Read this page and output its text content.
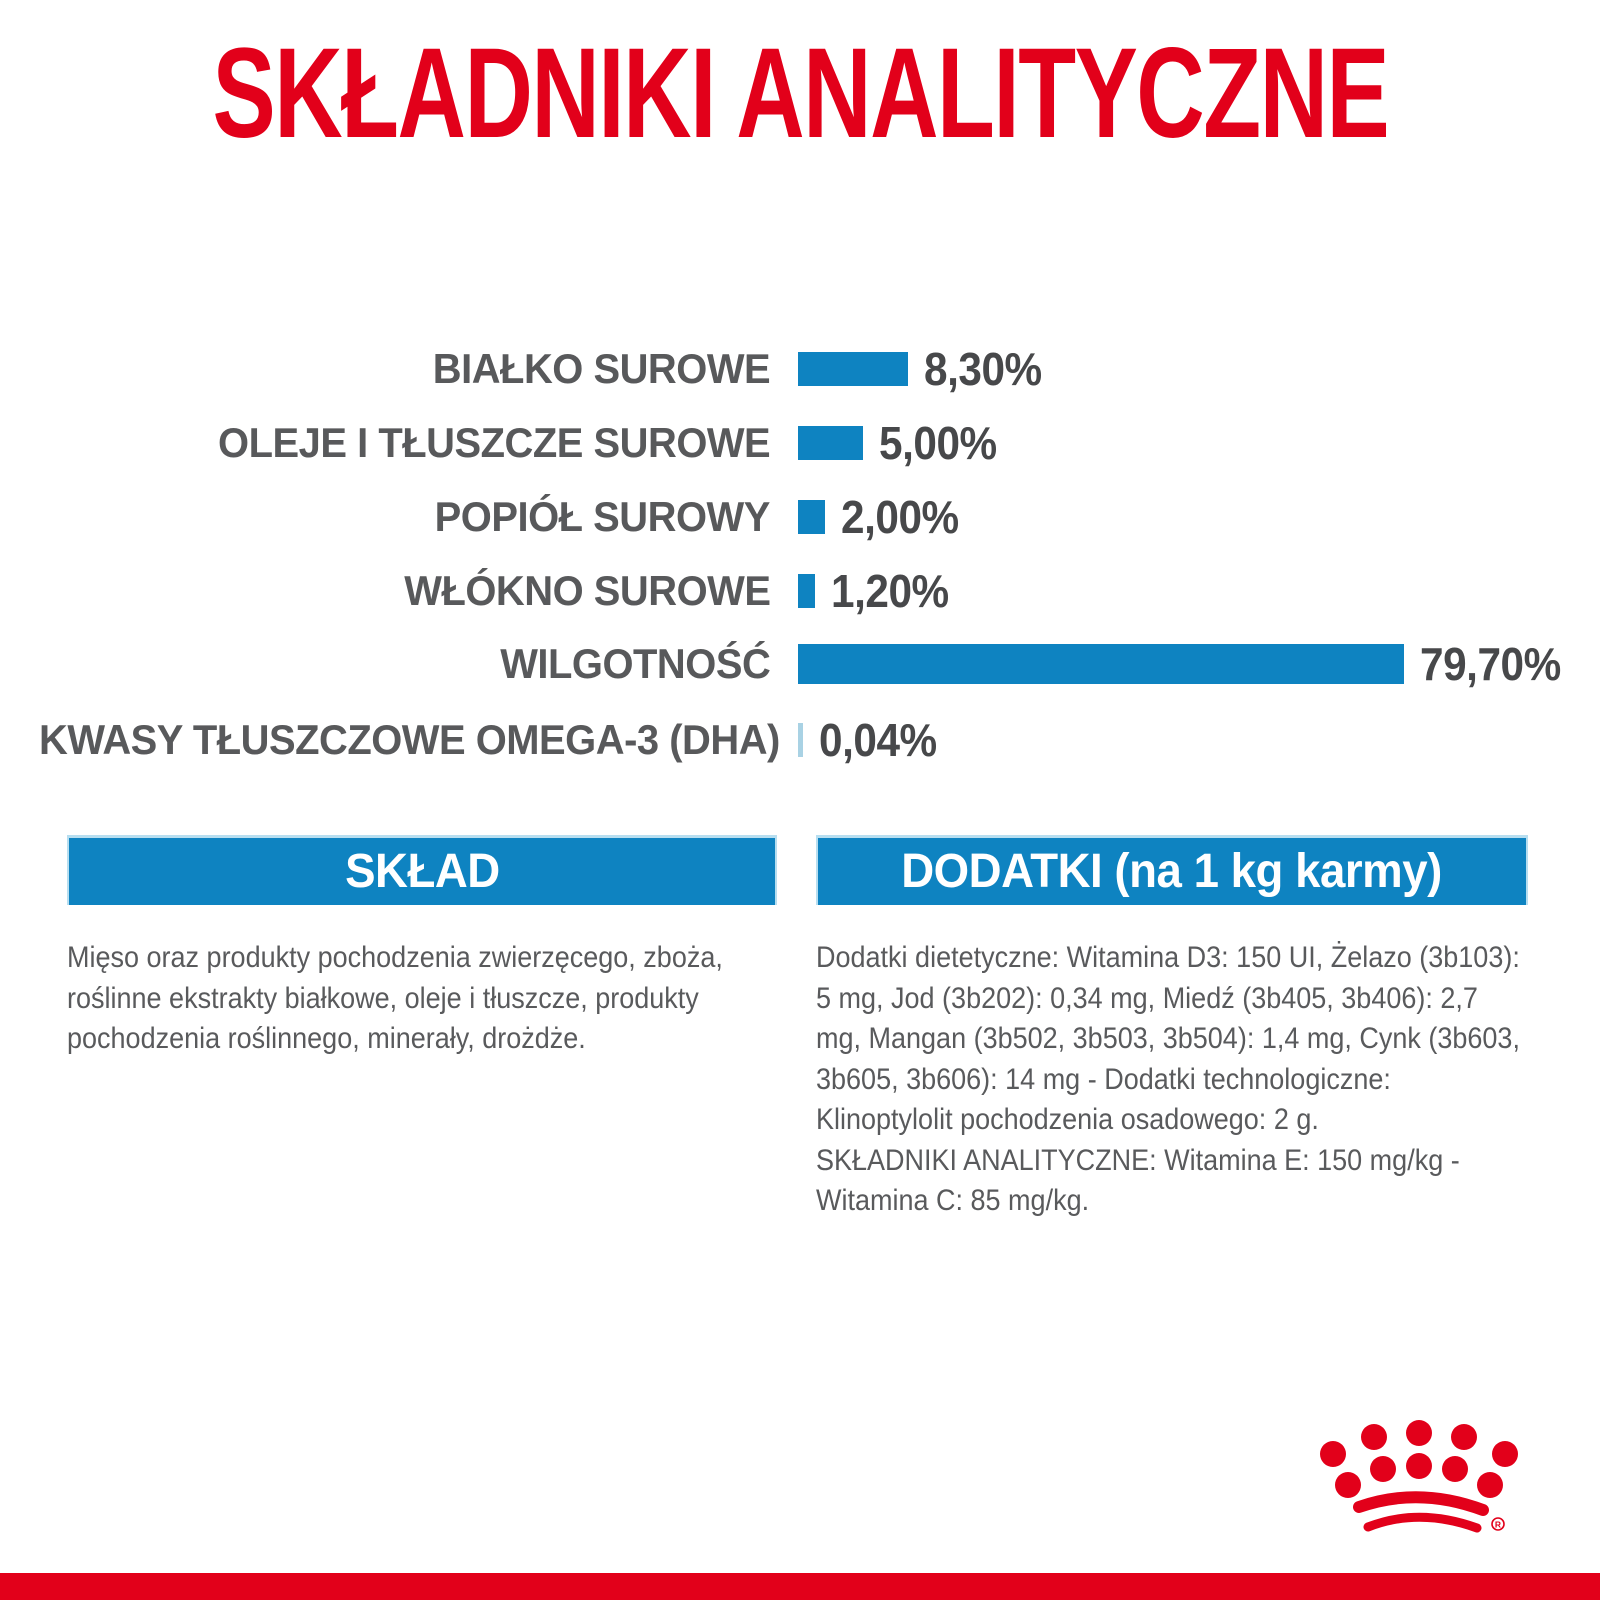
SKŁADNIKI ANALITYCZNE
BIAŁKO SUROWE	8,30%
OLEJE I TŁUSZCZE SUROWE 5,00%
POPIÓŁ SUROWY 2,00%
WŁÓKNO SUROWE 1,20%
WILGOTNOŚĆ	79,70%
KWASY TŁUSZCZOWE OMEGA-3 (DHA) 0,04%
SKŁAD	DODATKI (na 1 kg karmy)

Mięso oraz produkty pochodzenia zwierzęcego, zboża, roślinne ekstrakty białkowe, oleje i tłuszcze, produkty pochodzenia roślinnego, minerały, drożdże.

Dodatki dietetyczne: Witamina D3: 150 UI, Żelazo (3b103): 5 mg, Jod (3b202): 0,34 mg, Miedź (3b405, 3b406): 2,7 mg, Mangan (3b502, 3b503, 3b504): 1,4 mg, Cynk (3b603, 3b605, 3b606): 14 mg - Dodatki technologiczne: Klinoptylolit pochodzenia osadowego: 2 g.

SKŁADNIKI ANALITYCZNE: Witamina E: 150 mg/kg - Witamina C: 85 mg/kg.

R
